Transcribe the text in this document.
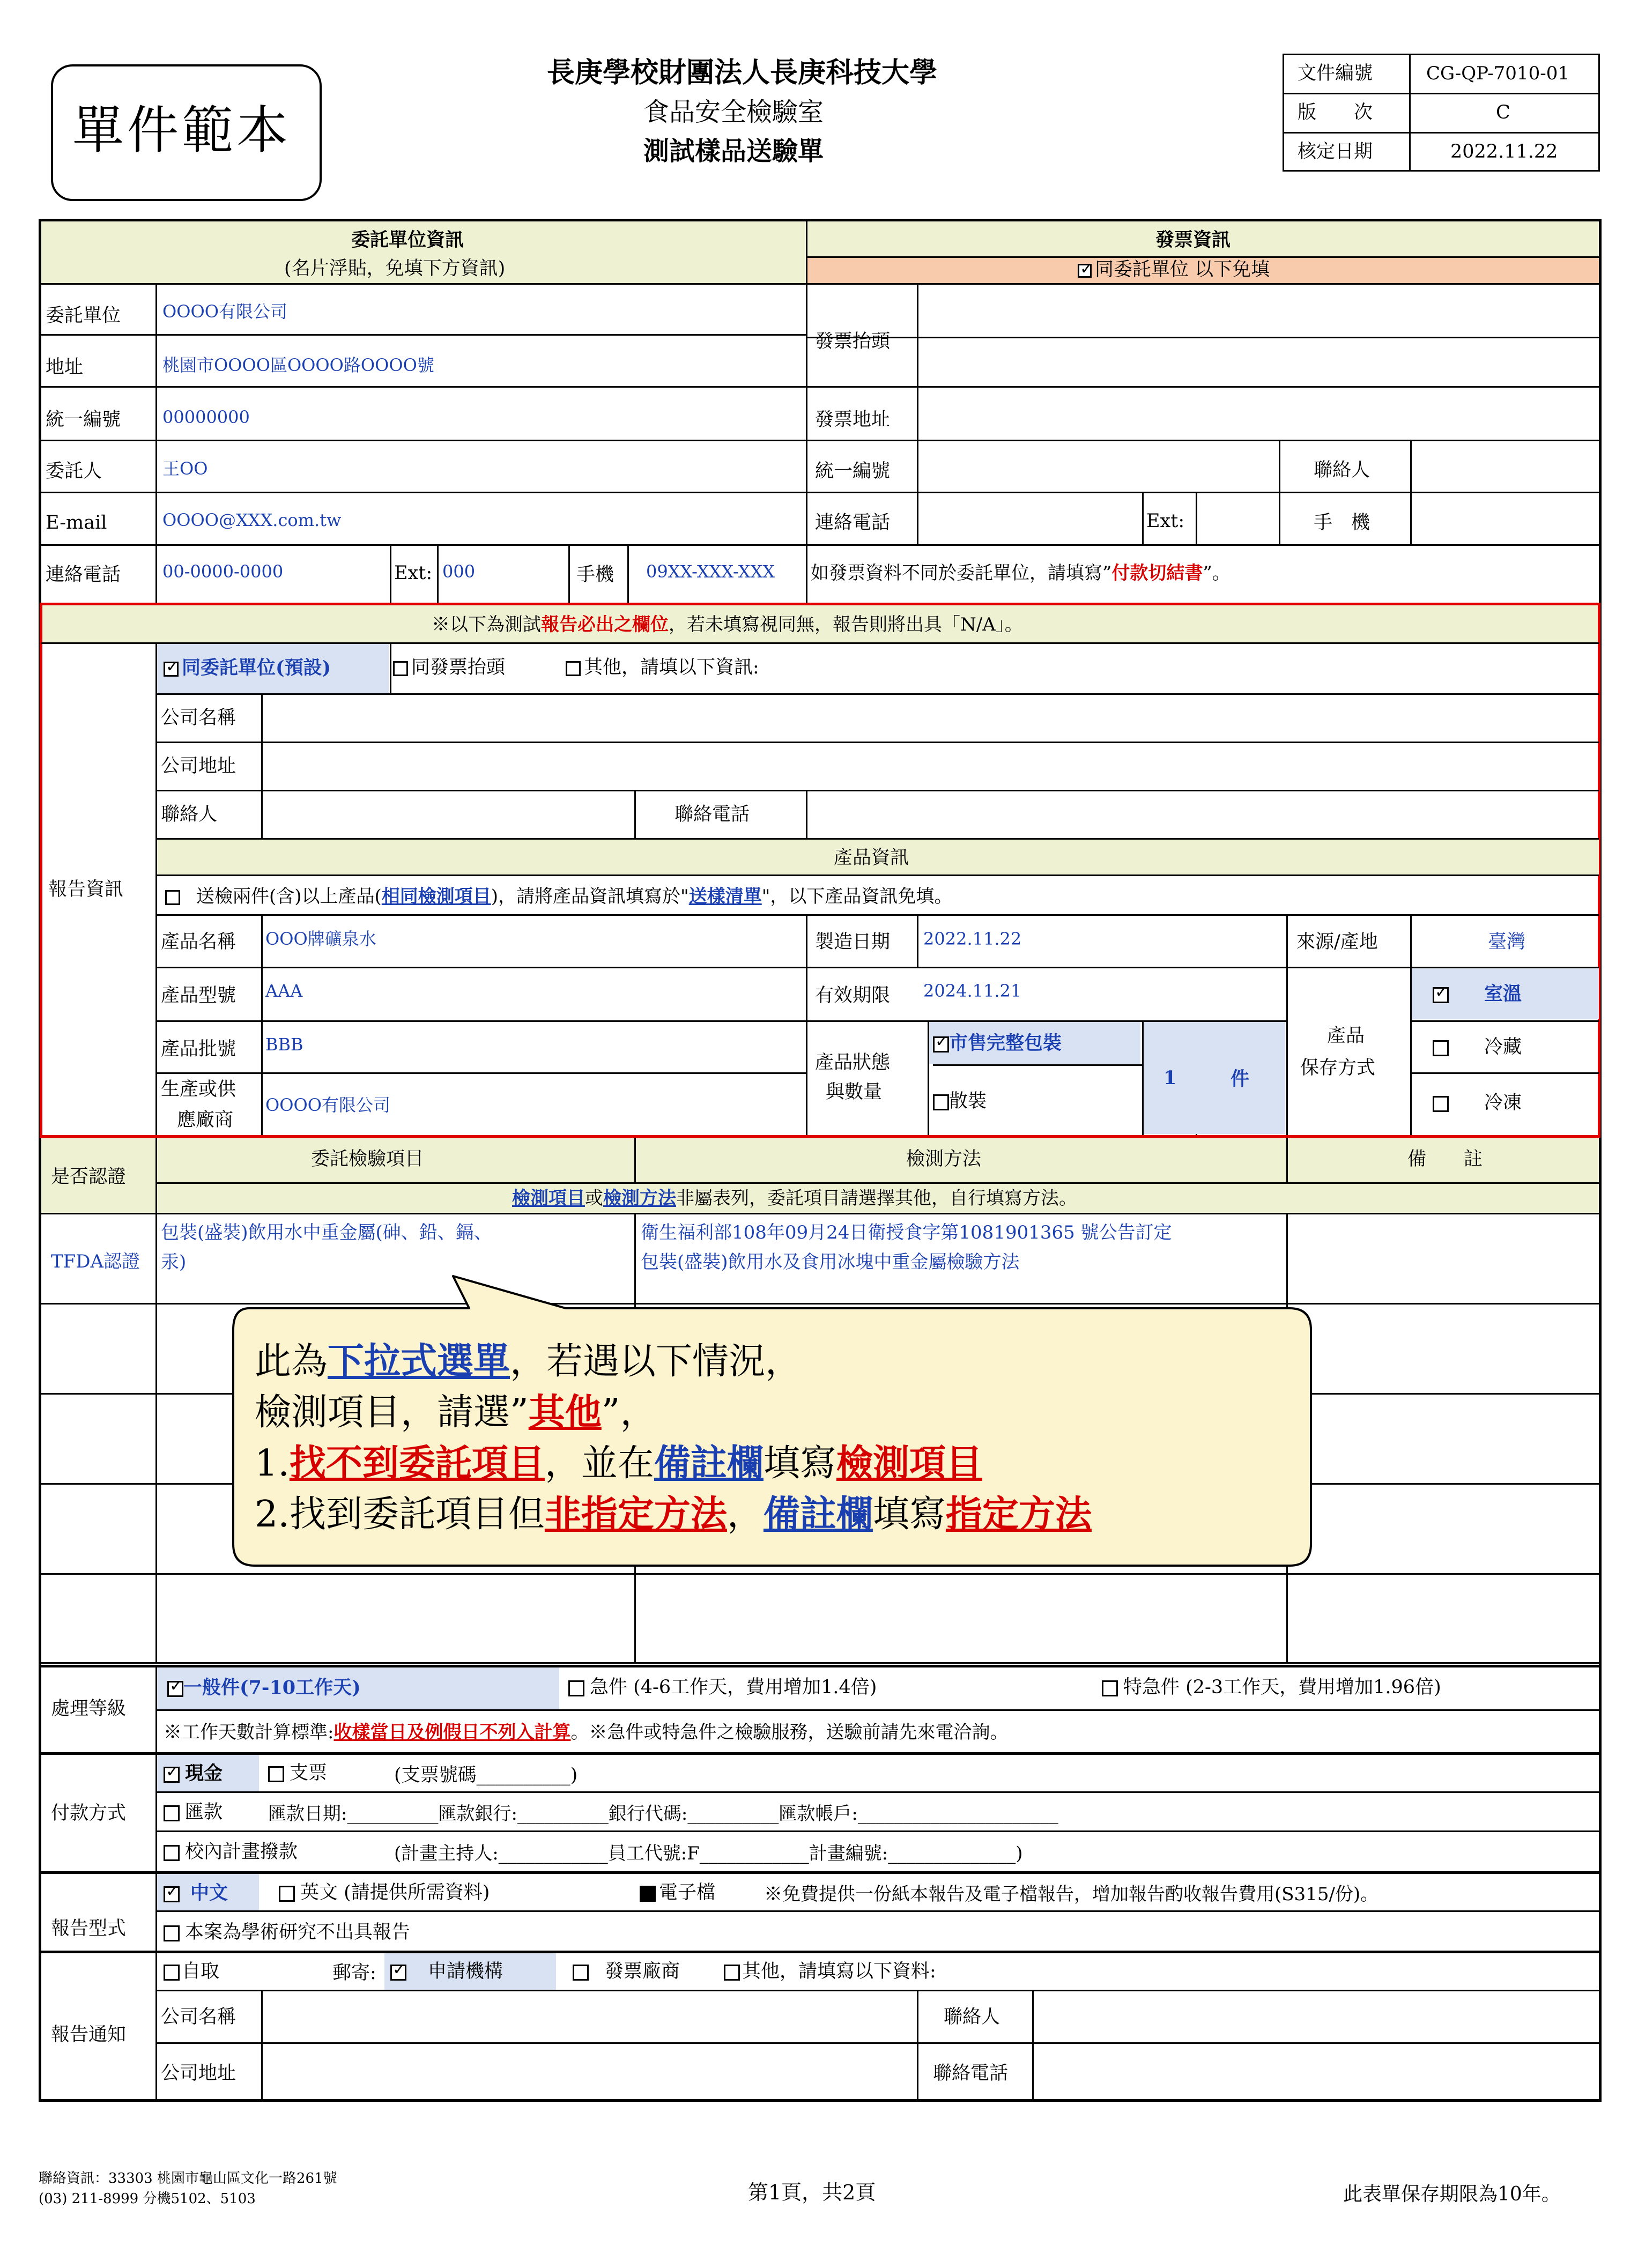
單件範本
長庚學校財團法人長庚科技大學
食品安全檢驗室
測試樣品送驗單
文件編號	CG-QP-7010-01
版　　次	C
核定日期	2022.11.22
委託單位資訊
(名片浮貼，免填下方資訊)
發票資訊
✓同委託單位 以下免填
委託單位 OOOO有限公司
地址	桃園市OOOO區OOOO路OOOO號
統一編號 00000000
委託人	王OO
E-mail	OOOO@XXX.com.tw
連絡電話 00-0000-0000	Ext: 000	手機 09XX-XXX-XXX
發票抬頭
發票地址
統一編號	聯絡人
連絡電話	Ext:	手　機
如發票資料不同於委託單位，請填寫”付款切結書”。
※以下為測試報告必出之欄位，若未填寫視同無，報告則將出具「N/A」。
報告資訊
✓同委託單位(預設)	同發票抬頭	其他，請填以下資訊:
公司名稱
公司地址
聯絡人	聯絡電話
產品資訊
送檢兩件(含)以上產品(相同檢測項目)，請將產品資訊填寫於"送樣清單"，以下產品資訊免填。
產品名稱 OOO牌礦泉水	製造日期 2022.11.22	來源/產地	臺灣
產品型號 AAA	有效期限 2024.11.21
產品
保存方式
✓室溫
冷藏
冷凍
產品批號 BBB
產品狀態
與數量
✓市售完整包裝
散裝
1	件
生產或供
應廠商
OOOO有限公司
是否認證
委託檢驗項目	檢測方法	備　　註
檢測項目或檢測方法非屬表列，委託項目請選擇其他，自行填寫方法。
TFDA認證
包裝(盛裝)飲用水中重金屬(砷、鉛、鎘、
汞)
衛生福利部108年09月24日衛授食字第1081901365 號公告訂定
包裝(盛裝)飲用水及食用冰塊中重金屬檢驗方法
此為下拉式選單，若遇以下情況，
檢測項目，請選”其他”，
1.找不到委託項目，並在備註欄填寫檢測項目
2.找到委託項目但非指定方法，備註欄填寫指定方法
處理等級
✓一般件(7-10工作天)	急件 (4-6工作天，費用增加1.4倍)	特急件 (2-3工作天，費用增加1.96倍)
※工作天數計算標準:收樣當日及例假日不列入計算。※急件或特急件之檢驗服務，送驗前請先來電洽詢。
付款方式
✓現金	支票	(支票號碼__________)
匯款 匯款日期:__________匯款銀行:__________銀行代碼:__________匯款帳戶:______________________
校內計畫撥款	(計畫主持人:____________員工代號:F____________計畫編號:______________)
報告型式
✓中文	英文 (請提供所需資料)	電子檔	※免費提供一份紙本報告及電子檔報告，增加報告酌收報告費用(S315/份)。
本案為學術研究不出具報告
報告通知
自取	郵寄:
✓	申請機構	發票廠商	其他，請填寫以下資料:
公司名稱	聯絡人
公司地址	聯絡電話
聯絡資訊：33303 桃園市龜山區文化一路261號
(03) 211-8999 分機5102、5103	第1頁，共2頁	此表單保存期限為10年。
